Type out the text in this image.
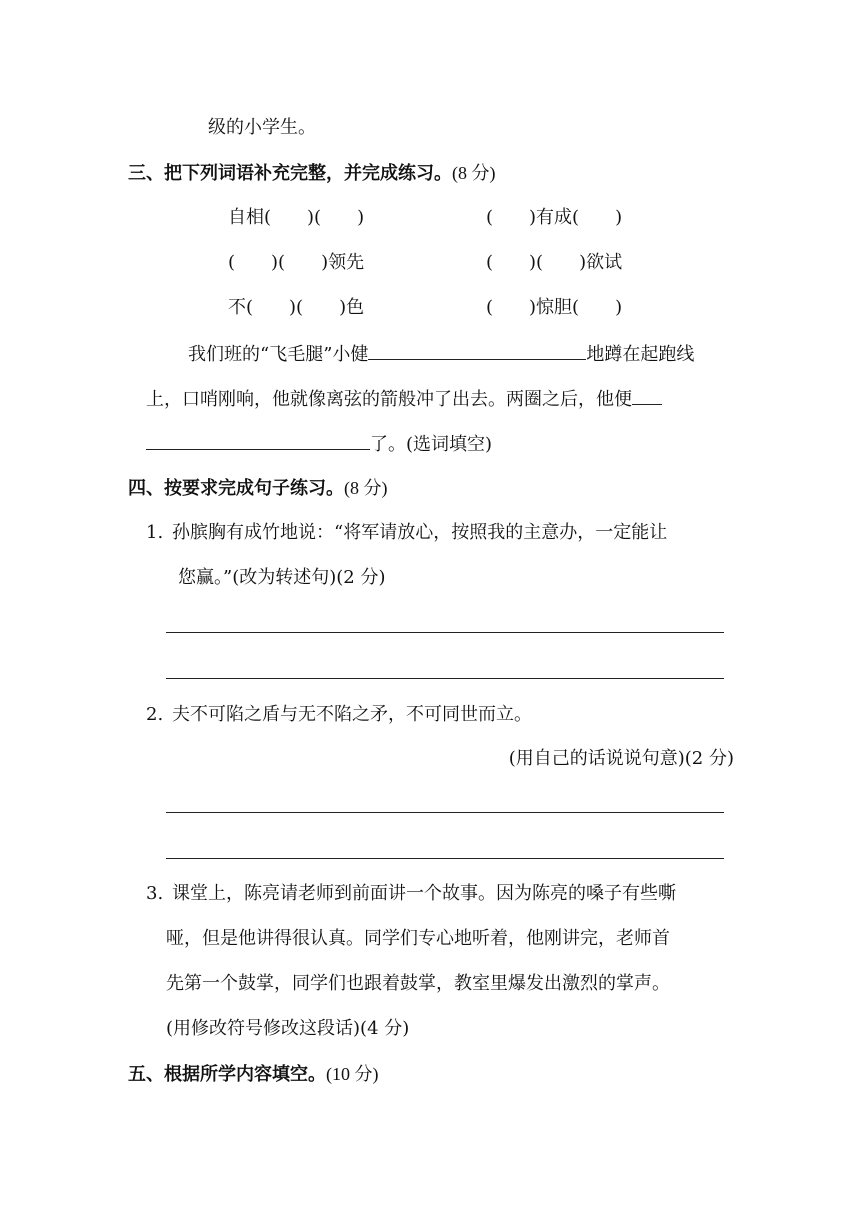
级的小学生。
三、把下列词语补充完整，并完成练习。(8 分)
自相(　　)(　　)	(　　)有成(　　)
(　　)(　　)领先	(　　)(　　)欲试
不(　　)(　　)色	(　　)惊胆(　　)
我们班的“飞毛腿”小健	地蹲在起跑线
上，口哨刚响，他就像离弦的箭般冲了出去。两圈之后，他便
了。(选词填空)
四、按要求完成句子练习。(8 分)
1. 孙膑胸有成竹地说：“将军请放心，按照我的主意办，一定能让
您赢。”(改为转述句)(2 分)
2. 夫不可陷之盾与无不陷之矛，不可同世而立。
(用自己的话说说句意)(2 分)
3. 课堂上，陈亮请老师到前面讲一个故事。因为陈亮的嗓子有些嘶
哑，但是他讲得很认真。同学们专心地听着，他刚讲完，老师首
先第一个鼓掌，同学们也跟着鼓掌，教室里爆发出激烈的掌声。
(用修改符号修改这段话)(4 分)
五、根据所学内容填空。(10 分)
